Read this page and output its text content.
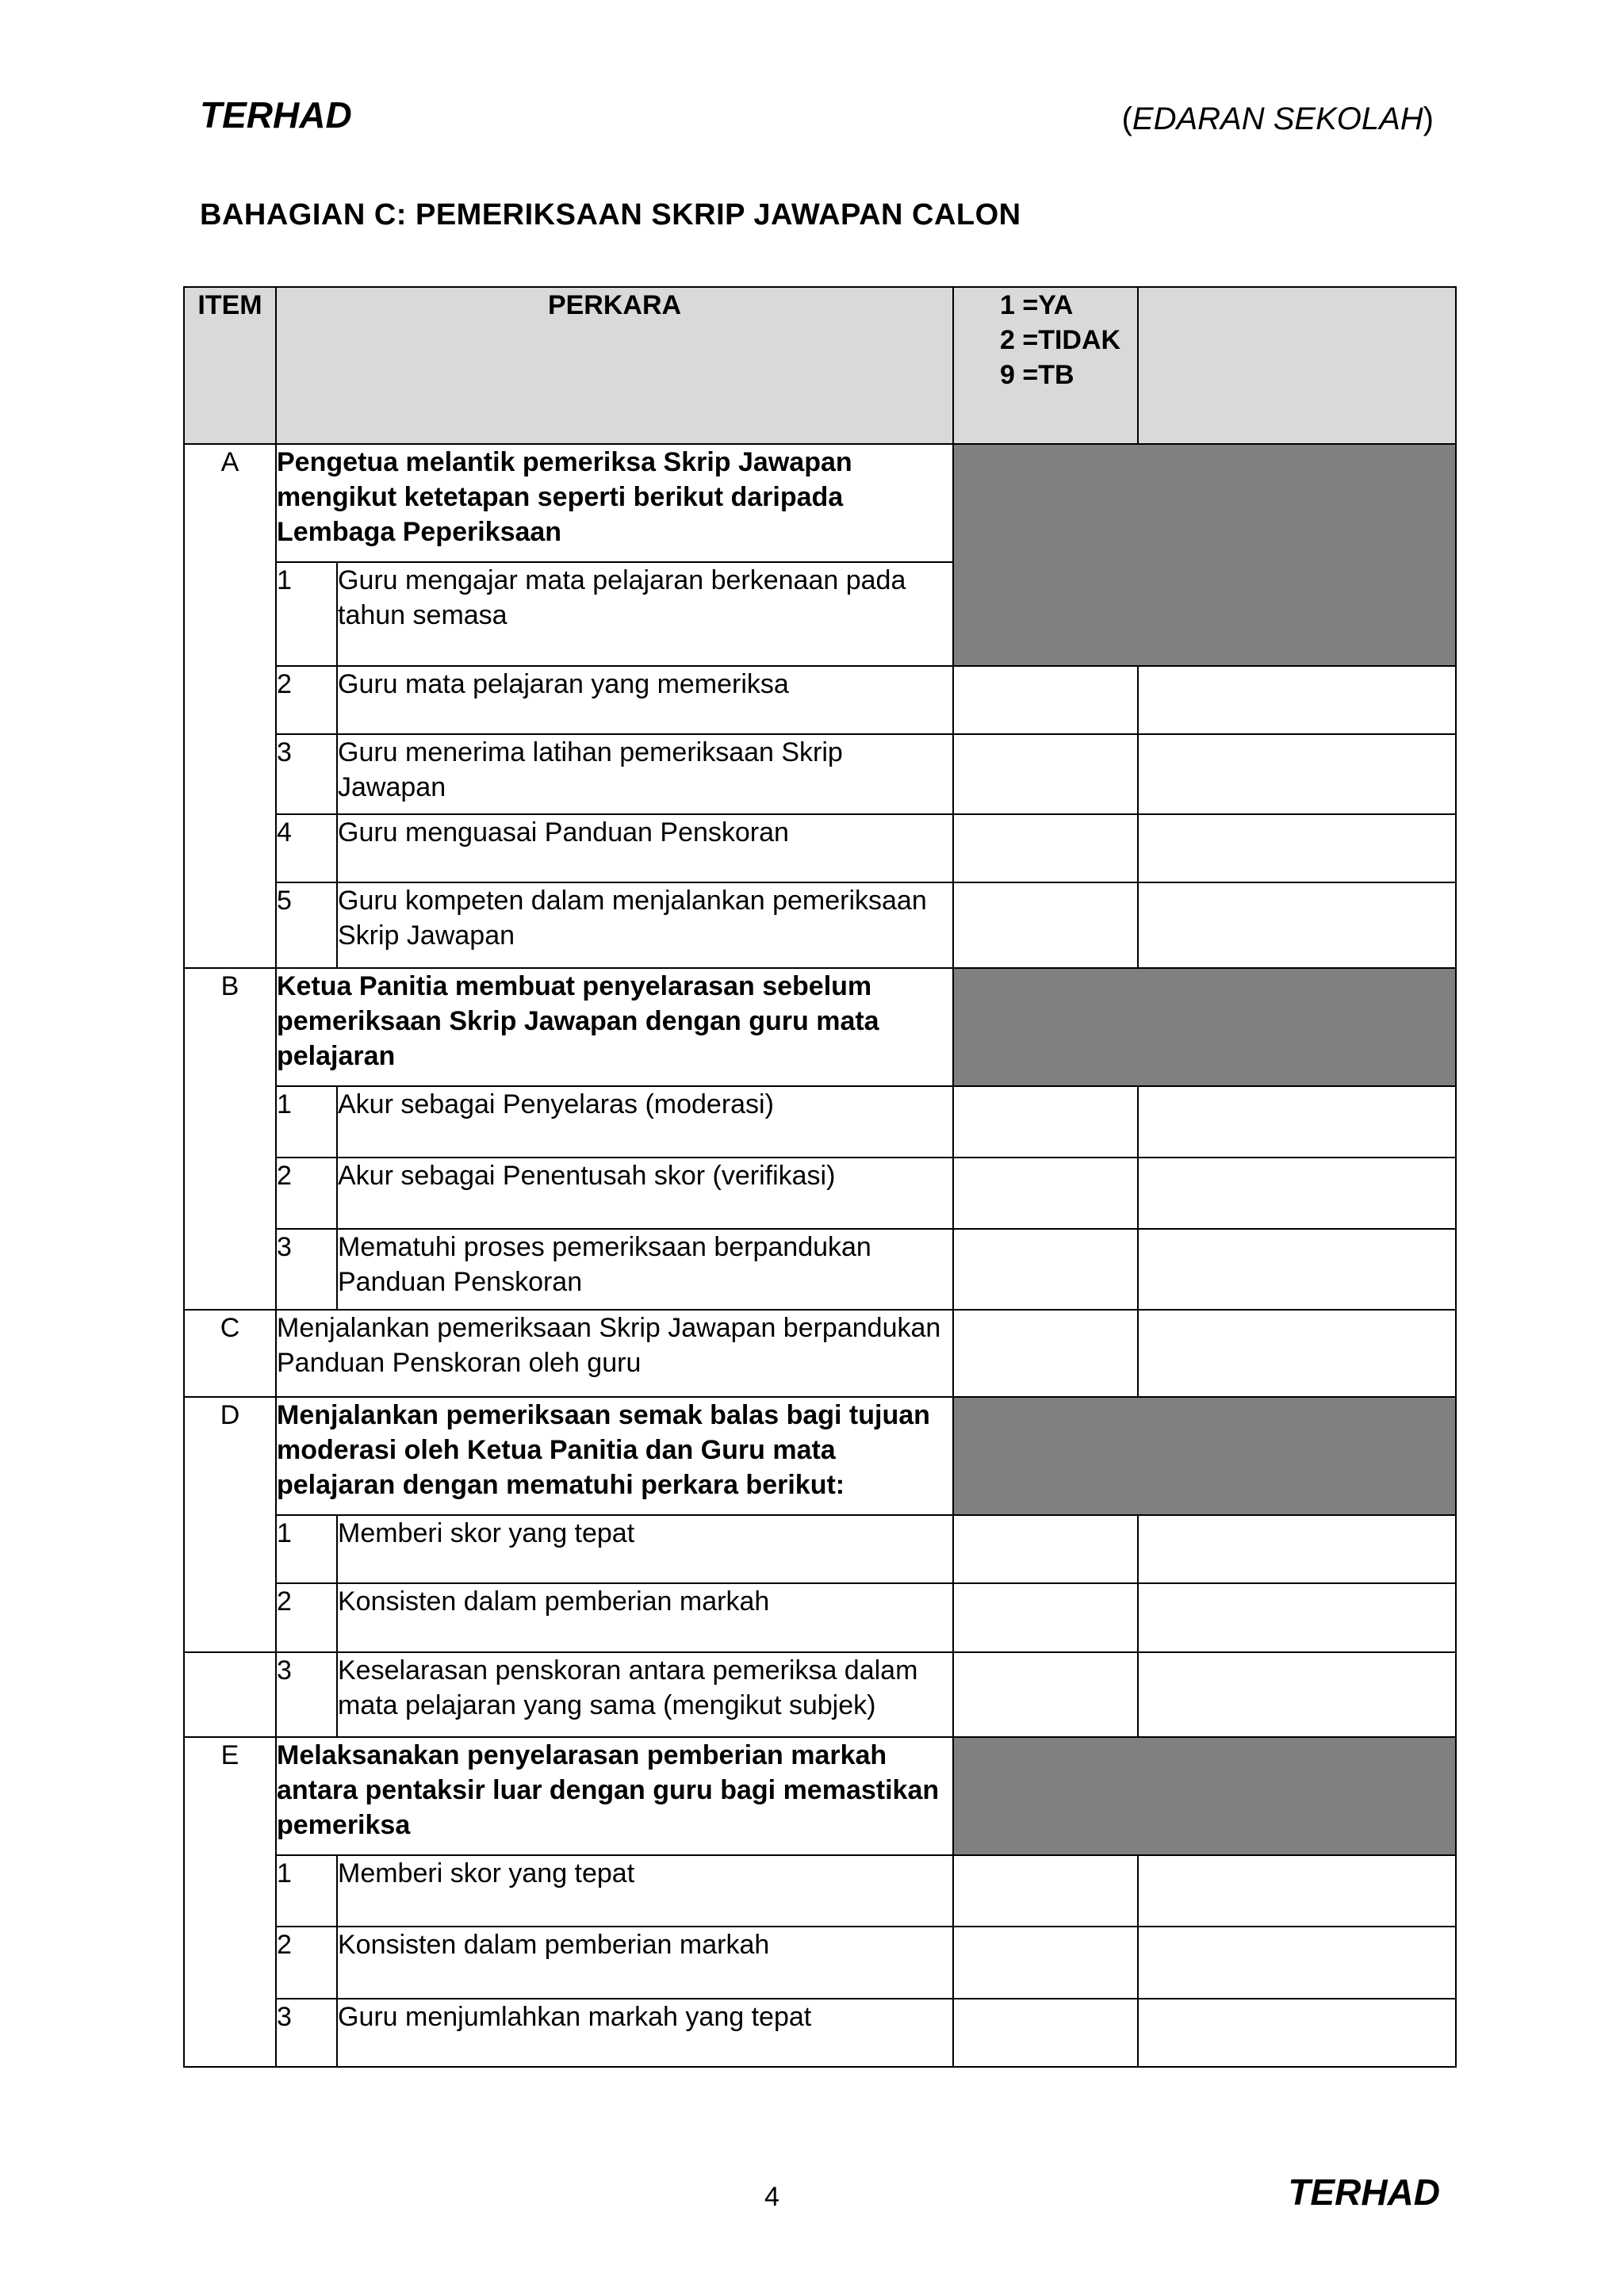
TERHAD	(EDARAN SEKOLAH)
BAHAGIAN C: PEMERIKSAAN SKRIP JAWAPAN CALON
ITEM	PERKARA		1 =YA
2 =TIDAK
9 =TB	

A	Pengetua melantik pemeriksa Skrip Jawapan mengikut ketetapan seperti berikut daripada Lembaga Peperiksaan			
	1	Guru mengajar mata pelajaran berkenaan pada tahun semasa		
	2	Guru mata pelajaran yang memeriksa		
	3	Guru menerima latihan pemeriksaan Skrip Jawapan		
	4	Guru menguasai Panduan Penskoran		
	5	Guru kompeten dalam menjalankan pemeriksaan Skrip Jawapan		
B	Ketua Panitia membuat penyelarasan sebelum pemeriksaan Skrip Jawapan dengan guru mata pelajaran			
	1	Akur sebagai Penyelaras (moderasi)		
	2	Akur sebagai Penentusah skor (verifikasi)		
	3	Mematuhi proses pemeriksaan berpandukan Panduan Penskoran		
C	Menjalankan pemeriksaan Skrip Jawapan berpandukan Panduan Penskoran oleh guru			
D	Menjalankan pemeriksaan semak balas bagi tujuan moderasi oleh Ketua Panitia dan Guru mata pelajaran dengan mematuhi perkara berikut:			
	1	Memberi skor yang tepat		
	2	Konsisten dalam pemberian markah		
	3	Keselarasan penskoran antara pemeriksa dalam mata pelajaran yang sama (mengikut subjek)		
E	Melaksanakan penyelarasan pemberian markah antara pentaksir luar dengan guru bagi memastikan pemeriksa			
	1	Memberi skor yang tepat		
	2	Konsisten dalam pemberian markah		
	3	Guru menjumlahkan markah yang tepat		
4	TERHAD
